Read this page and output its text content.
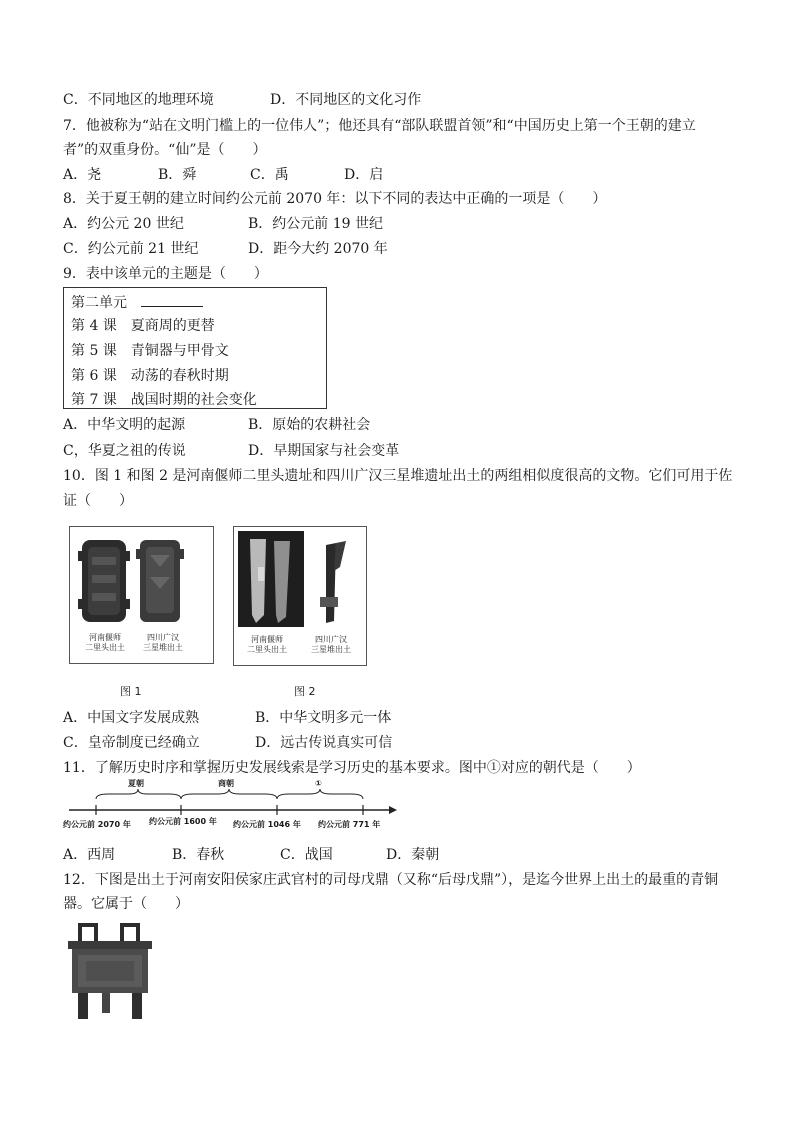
C．不同地区的地理环境	D．不同地区的文化习作
7．他被称为“站在文明门槛上的一位伟人”；他还具有“部队联盟首领”和“中国历史上第一个王朝的建立
者”的双重身份。“仙”是（　　）
A．尧	B．舜	C．禹	D．启
8．关于夏王朝的建立时间约公元前 2070 年：以下不同的表达中正确的一项是（　　）
A．约公元 20 世纪	B．约公元前 19 世纪
C．约公元前 21 世纪	D．距今大约 2070 年
9．表中该单元的主题是（　　）
第二单元
第 4 课　夏商周的更替
第 5 课　青铜器与甲骨文
第 6 课　动荡的春秋时期
第 7 课　战国时期的社会变化
A．中华文明的起源	B．原始的农耕社会
C，华夏之祖的传说	D．早期国家与社会变革
10．图 1 和图 2 是河南偃师二里头遗址和四川广汉三星堆遗址出土的两组相似度很高的文物。它们可用于佐
证（　　）
河南偃师
二里头出土
四川广汉
三星堆出土
图 1
河南偃师
二里头出土
四川广汉
三星堆出土
图 2
A．中国文字发展成熟	B．中华文明多元一体
C．皇帝制度已经确立	D．远古传说真实可信
11．了解历史时序和掌握历史发展线索是学习历史的基本要求。图中①对应的朝代是（　　）
夏朝	商朝	①
约公元前 2070 年 约公元前 1600 年 约公元前 1046 年 约公元前 771 年
A．西周	B．春秋	C．战国	D．秦朝
12．下图是出土于河南安阳侯家庄武官村的司母戊鼎（又称“后母戊鼎”），是迄今世界上出土的最重的青铜
器。它属于（　　）
